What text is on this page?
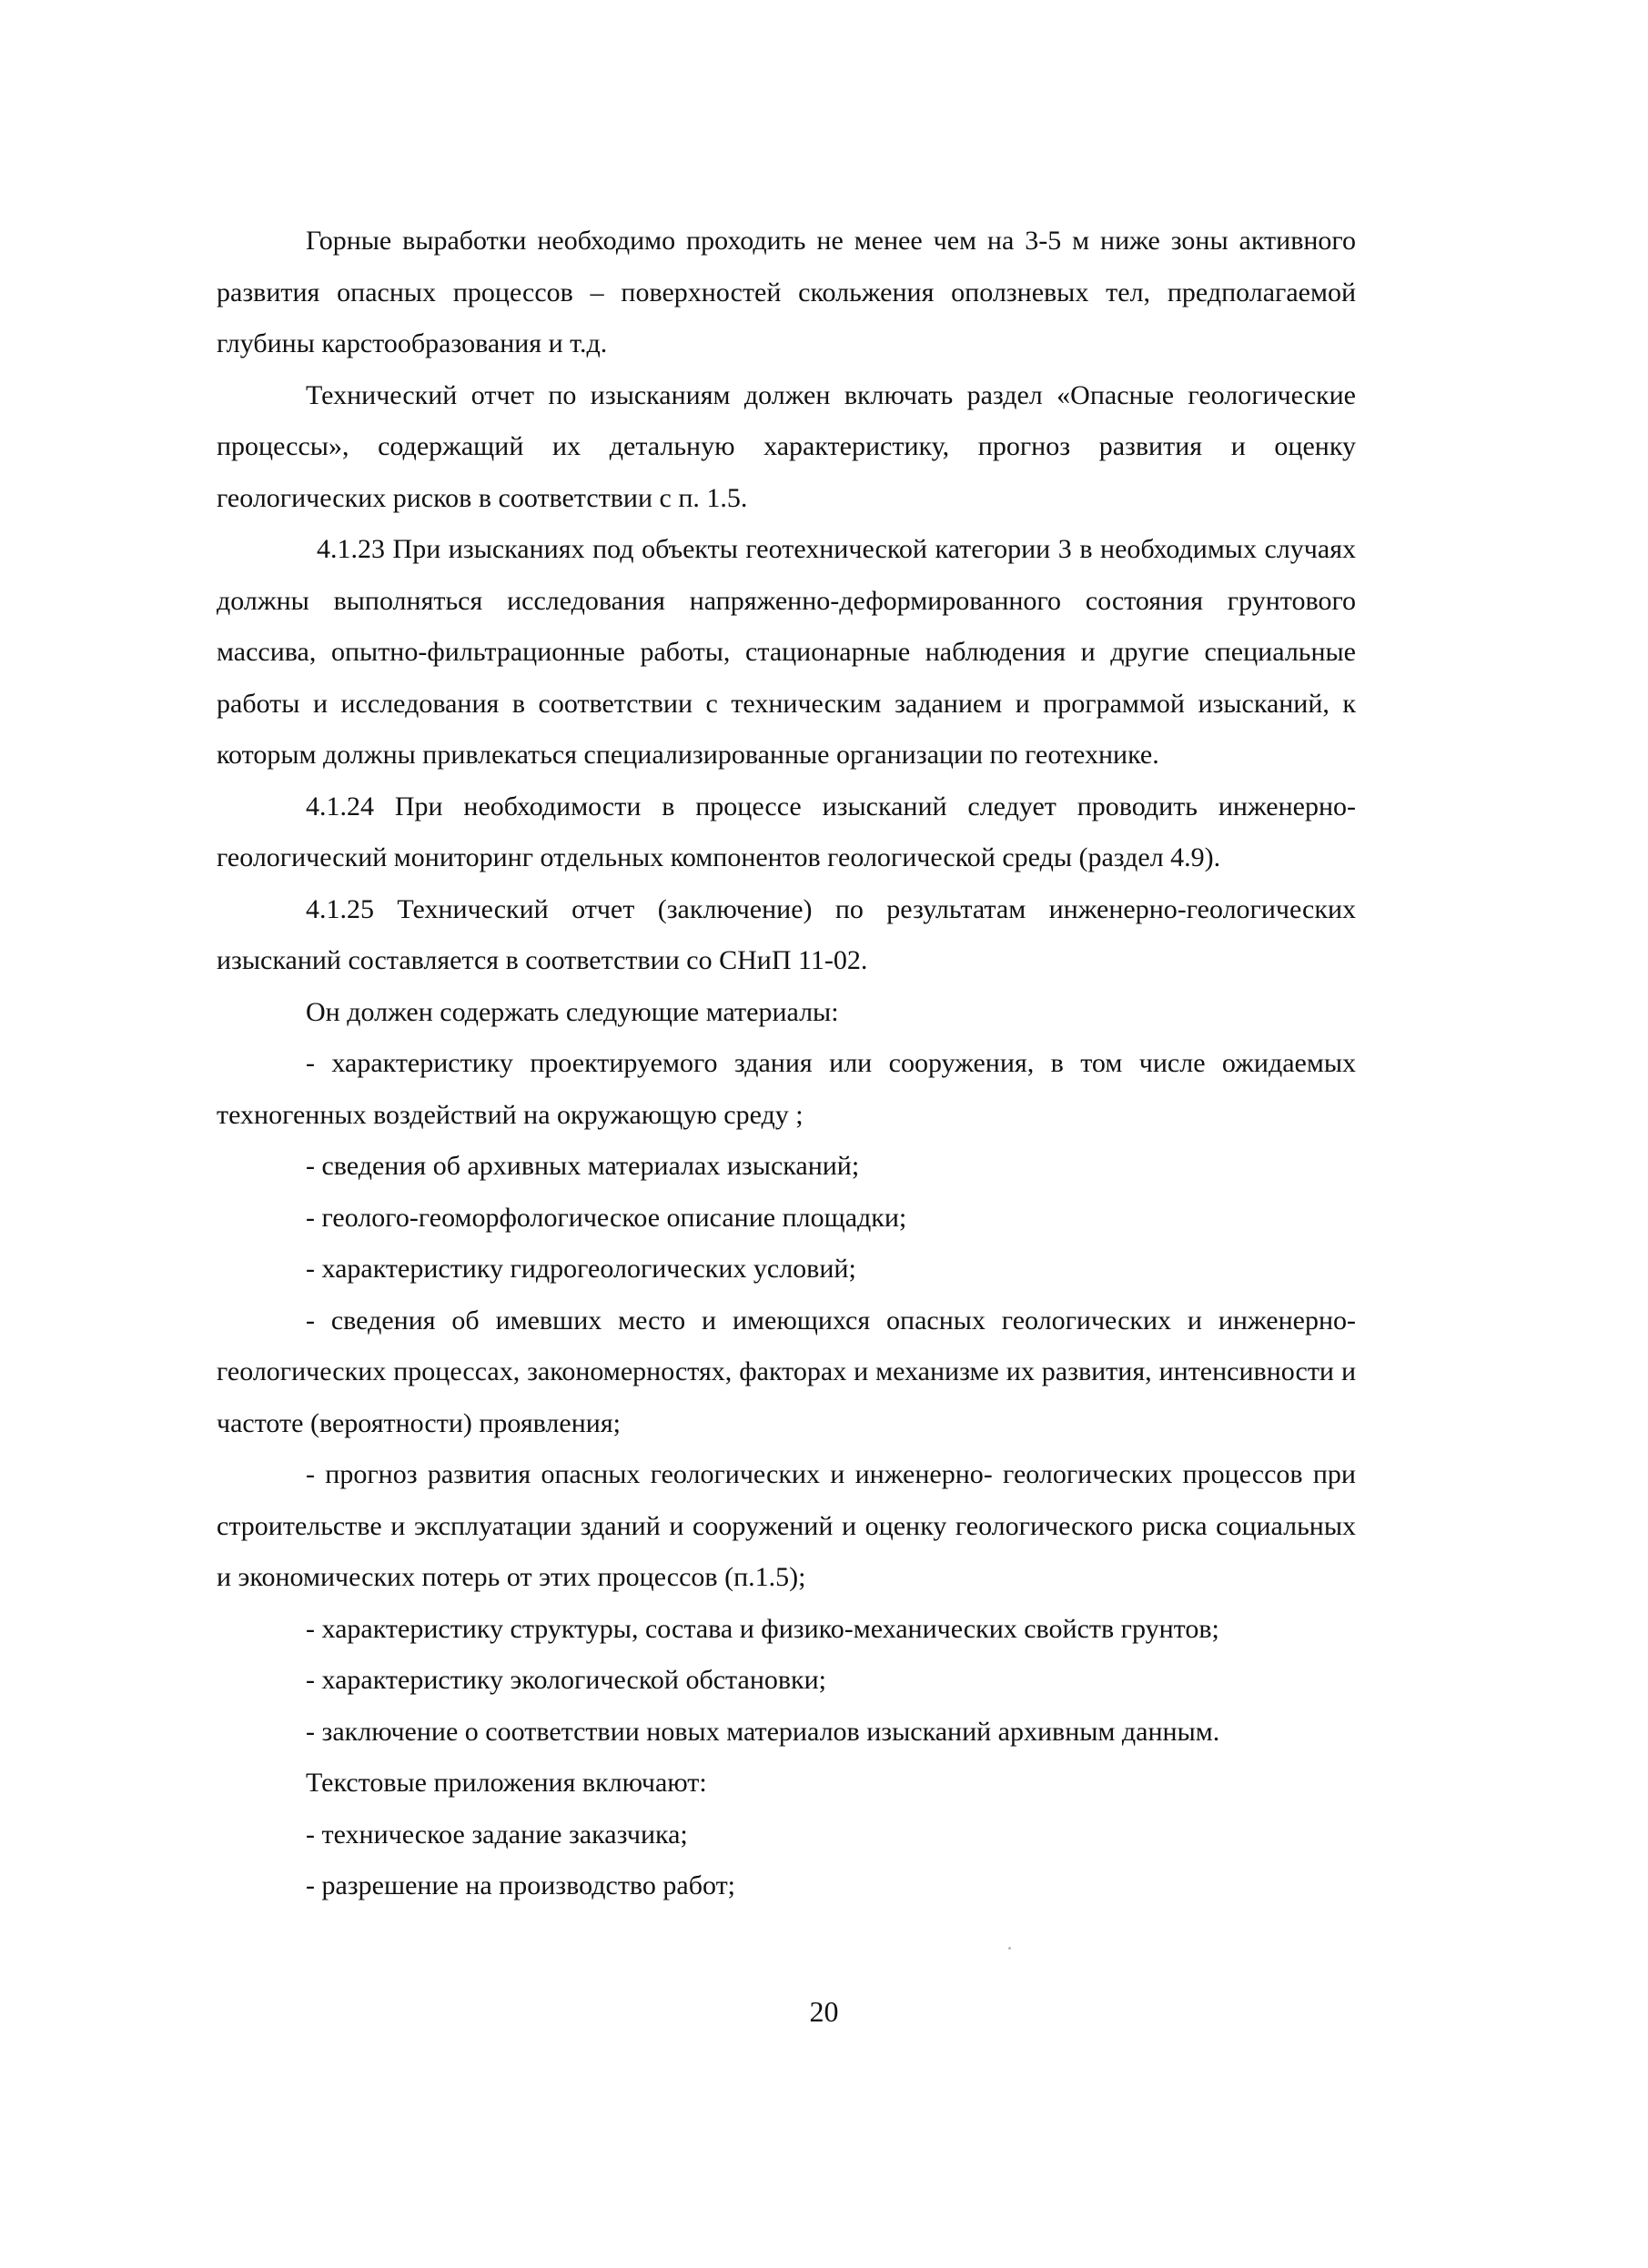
Горные выработки необходимо проходить не менее чем на 3-5 м ниже зоны активного развития опасных процессов – поверхностей скольжения оползневых тел, предполагаемой глубины карстообразования и т.д.

Технический отчет по изысканиям должен включать раздел «Опасные геологические процессы», содержащий их детальную характеристику, прогноз развития и оценку геологических рисков в соответствии с п. 1.5.

4.1.23 При изысканиях под объекты геотехнической категории 3 в необходимых случаях должны выполняться исследования напряженно-деформированного состояния грунтового массива, опытно-фильтрационные работы, стационарные наблюдения и другие специальные работы и исследования в соответствии с техническим заданием и программой изысканий, к которым должны привлекаться специализированные организации по геотехнике.

4.1.24 При необходимости в процессе изысканий следует проводить инженерно-геологический мониторинг отдельных компонентов геологической среды (раздел 4.9).

4.1.25 Технический отчет (заключение) по результатам инженерно-геологических изысканий составляется в соответствии со СНиП 11-02.

Он должен содержать следующие материалы:

- характеристику проектируемого здания или сооружения, в том числе ожидаемых техногенных воздействий на окружающую среду ;

- сведения об архивных материалах изысканий;

- геолого-геоморфологическое описание площадки;

- характеристику гидрогеологических условий;

- сведения об имевших место и имеющихся опасных геологических и инженерно- геологических процессах, закономерностях, факторах и механизме их развития, интенсивности и частоте (вероятности) проявления;

- прогноз развития опасных геологических и инженерно- геологических процессов при строительстве и эксплуатации зданий и сооружений и оценку геологического риска социальных и экономических потерь от этих процессов (п.1.5);

- характеристику структуры, состава и физико-механических свойств грунтов;

- характеристику экологической обстановки;

- заключение о соответствии новых материалов изысканий архивным данным.

Текстовые приложения включают:

- техническое задание заказчика;

- разрешение на производство работ;

20
